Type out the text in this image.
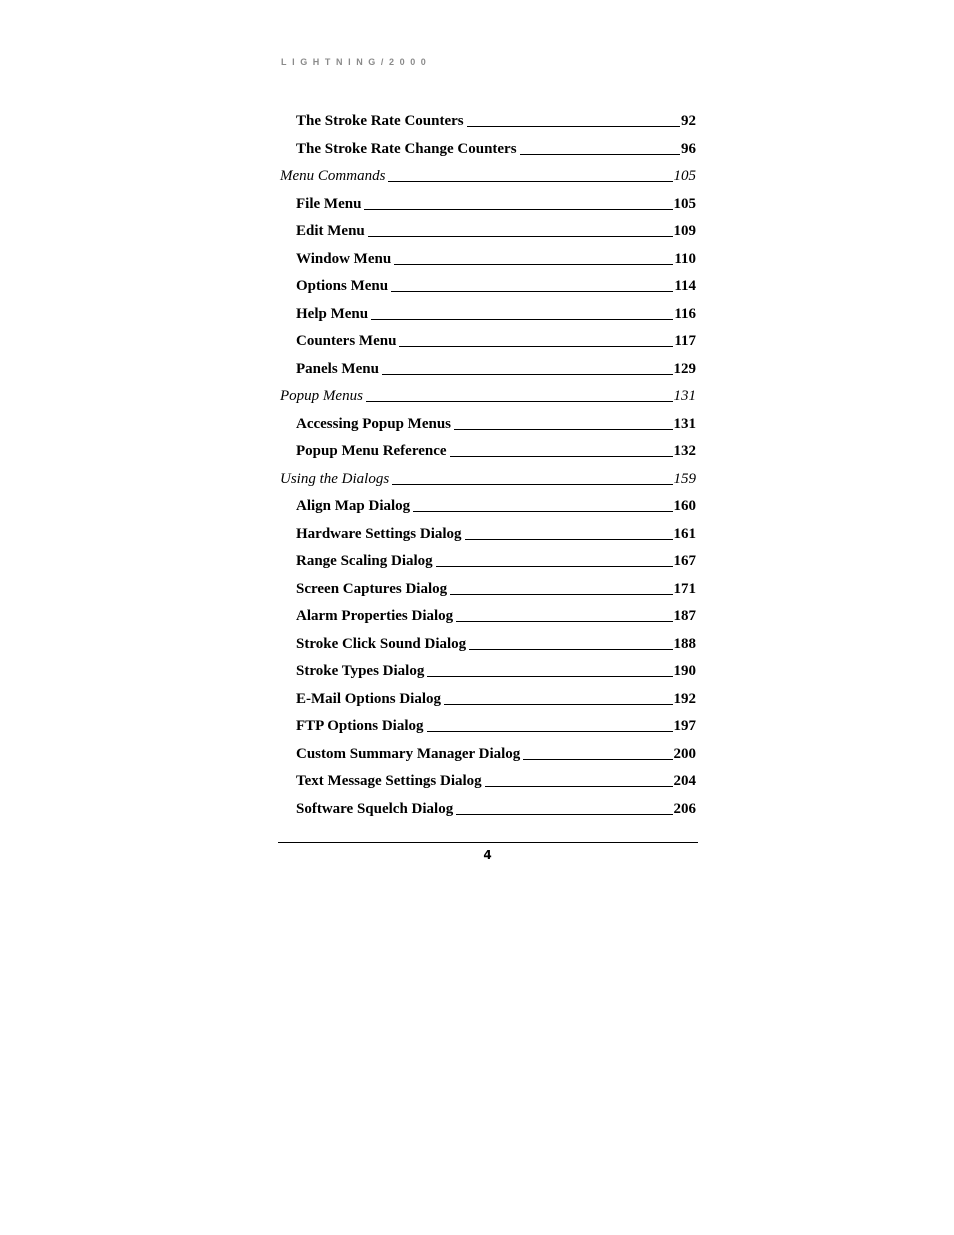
LIGHTNING/2000
The Stroke Rate Counters	92
The Stroke Rate Change Counters	96
Menu Commands	105
File Menu	105
Edit Menu	109
Window Menu	110
Options Menu	114
Help Menu	116
Counters Menu	117
Panels Menu	129
Popup Menus	131
Accessing Popup Menus	131
Popup Menu Reference	132
Using the Dialogs	159
Align Map Dialog	160
Hardware Settings Dialog	161
Range Scaling Dialog	167
Screen Captures Dialog	171
Alarm Properties Dialog	187
Stroke Click Sound Dialog	188
Stroke Types Dialog	190
E-Mail Options Dialog	192
FTP Options Dialog	197
Custom Summary Manager Dialog	200
Text Message Settings Dialog	204
Software Squelch Dialog	206
4
